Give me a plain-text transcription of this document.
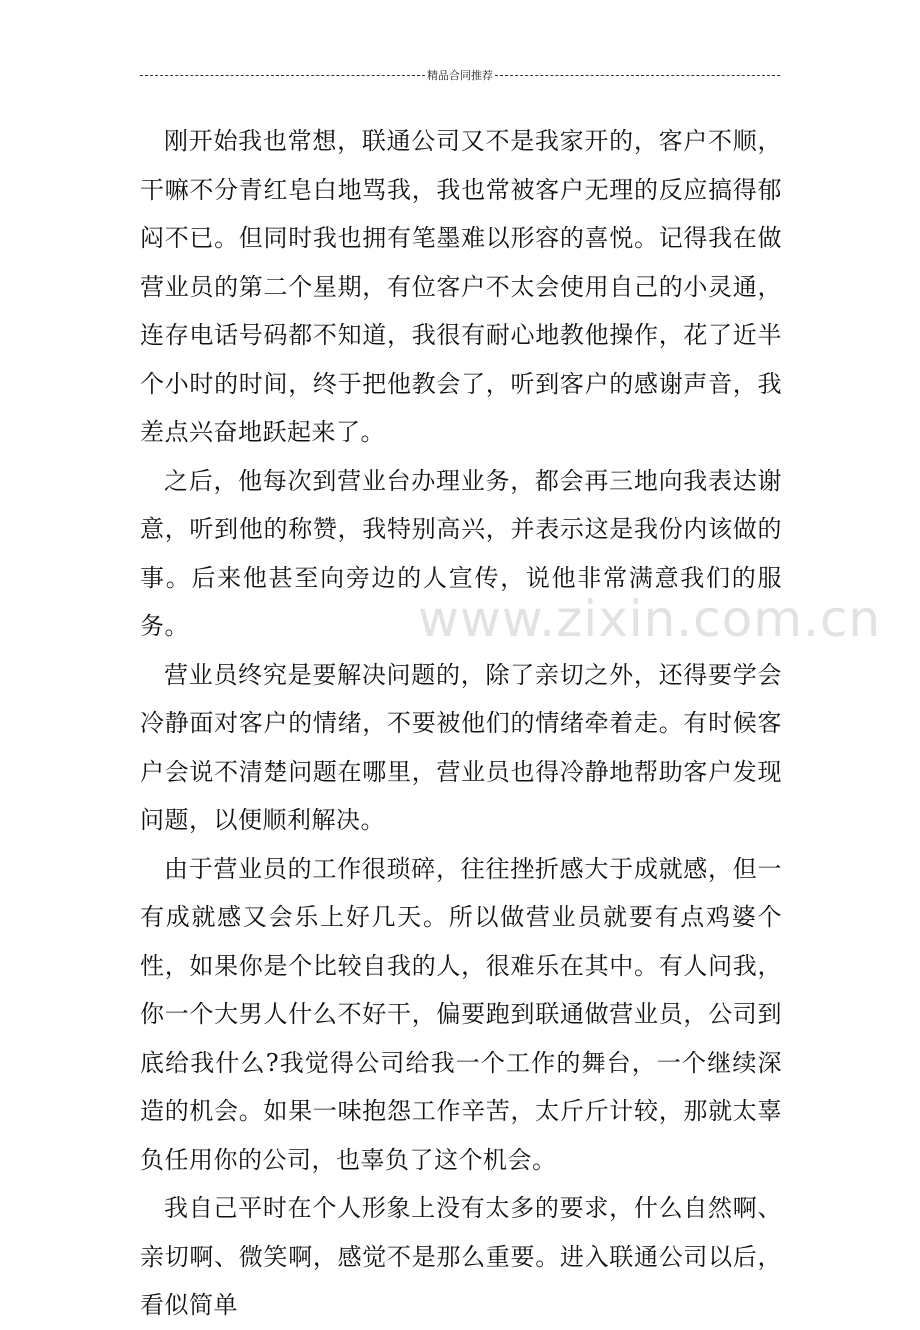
精品合同推荐
www.zixin.com.cn

刚开始我也常想，联通公司又不是我家开的，客户不顺，干嘛不分青红皂白地骂我，我也常被客户无理的反应搞得郁闷不已。但同时我也拥有笔墨难以形容的喜悦。记得我在做营业员的第二个星期，有位客户不太会使用自己的小灵通，连存电话号码都不知道，我很有耐心地教他操作，花了近半个小时的时间，终于把他教会了，听到客户的感谢声音，我差点兴奋地跃起来了。

之后，他每次到营业台办理业务，都会再三地向我表达谢意，听到他的称赞，我特别高兴，并表示这是我份内该做的事。后来他甚至向旁边的人宣传，说他非常满意我们的服务。

营业员终究是要解决问题的，除了亲切之外，还得要学会冷静面对客户的情绪，不要被他们的情绪牵着走。有时候客户会说不清楚问题在哪里，营业员也得冷静地帮助客户发现问题，以便顺利解决。

由于营业员的工作很琐碎，往往挫折感大于成就感，但一有成就感又会乐上好几天。所以做营业员就要有点鸡婆个性，如果你是个比较自我的人，很难乐在其中。有人问我，你一个大男人什么不好干，偏要跑到联通做营业员，公司到底给我什么?我觉得公司给我一个工作的舞台，一个继续深造的机会。如果一味抱怨工作辛苦，太斤斤计较，那就太辜负任用你的公司，也辜负了这个机会。

我自己平时在个人形象上没有太多的要求，什么自然啊、亲切啊、微笑啊，感觉不是那么重要。进入联通公司以后，看似简单
